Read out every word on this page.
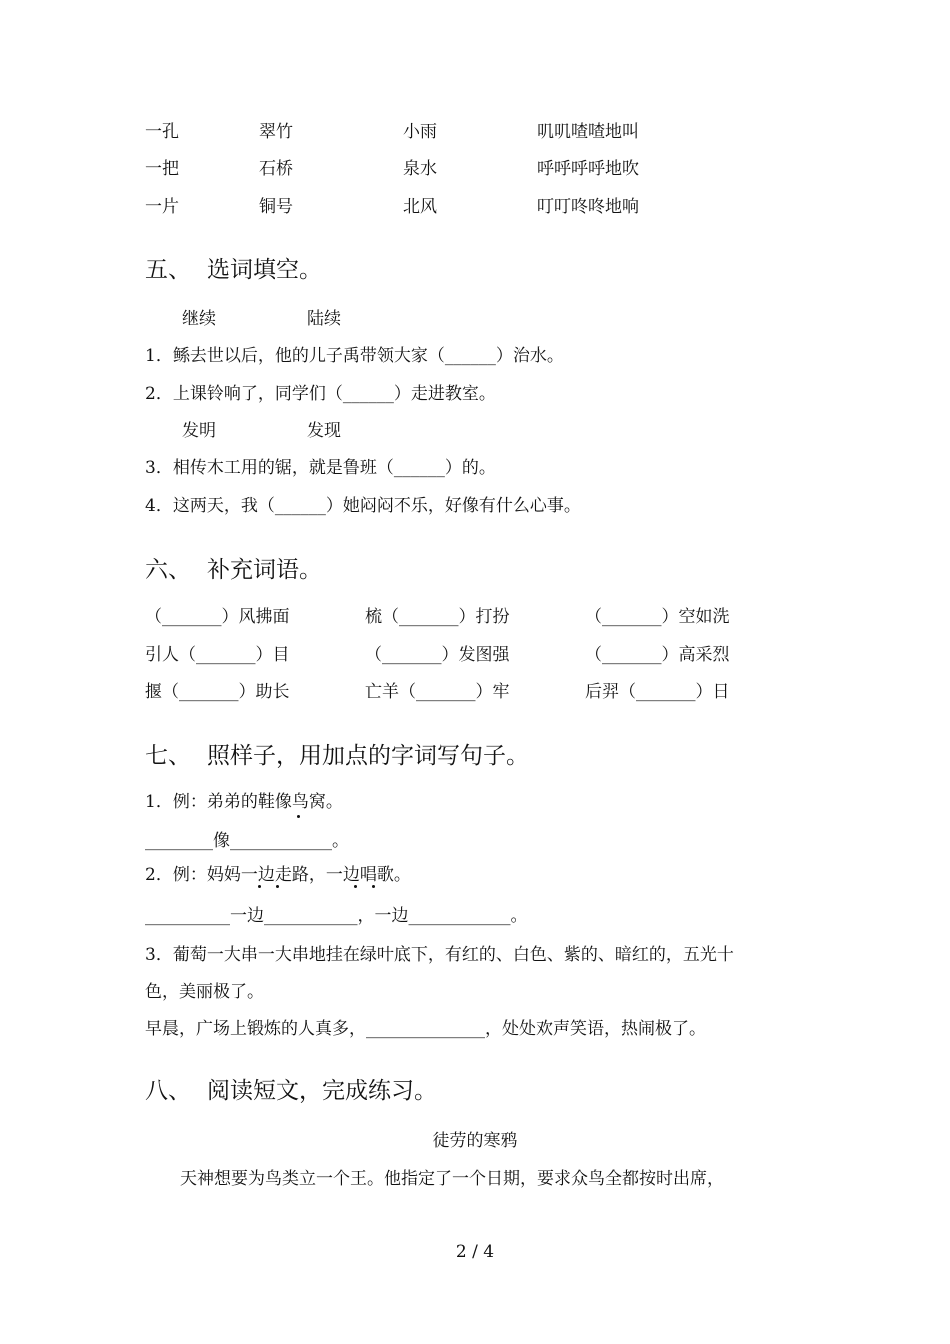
一孔	翠竹	小雨	叽叽喳喳地叫
一把	石桥	泉水	呼呼呼呼地吹
一片	铜号	北风	叮叮咚咚地响
五、 选词填空。
继续	陆续
1．鲧去世以后，他的儿子禹带领大家（______）治水。
2．上课铃响了，同学们（______）走进教室。
发明	发现
3．相传木工用的锯，就是鲁班（______）的。
4．这两天，我（______）她闷闷不乐，好像有什么心事。
六、 补充词语。
（_______）风拂面	梳（_______）打扮	（_______）空如洗
引人（_______）目	（_______）发图强	（_______）高采烈
揠（_______）助长	亡羊（_______）牢	后羿（_______）日
七、 照样子，用加点的字词写句子。
1．例：弟弟的鞋像鸟窝。
________像____________。
2．例：妈妈一边走路，一边唱歌。
__________一边___________，一边____________。
3．葡萄一大串一大串地挂在绿叶底下，有红的、白色、紫的、暗红的，五光十
色，美丽极了。
早晨，广场上锻炼的人真多，______________，处处欢声笑语，热闹极了。
八、 阅读短文，完成练习。
徒劳的寒鸦
天神想要为鸟类立一个王。他指定了一个日期，要求众鸟全都按时出席，
2 / 4
